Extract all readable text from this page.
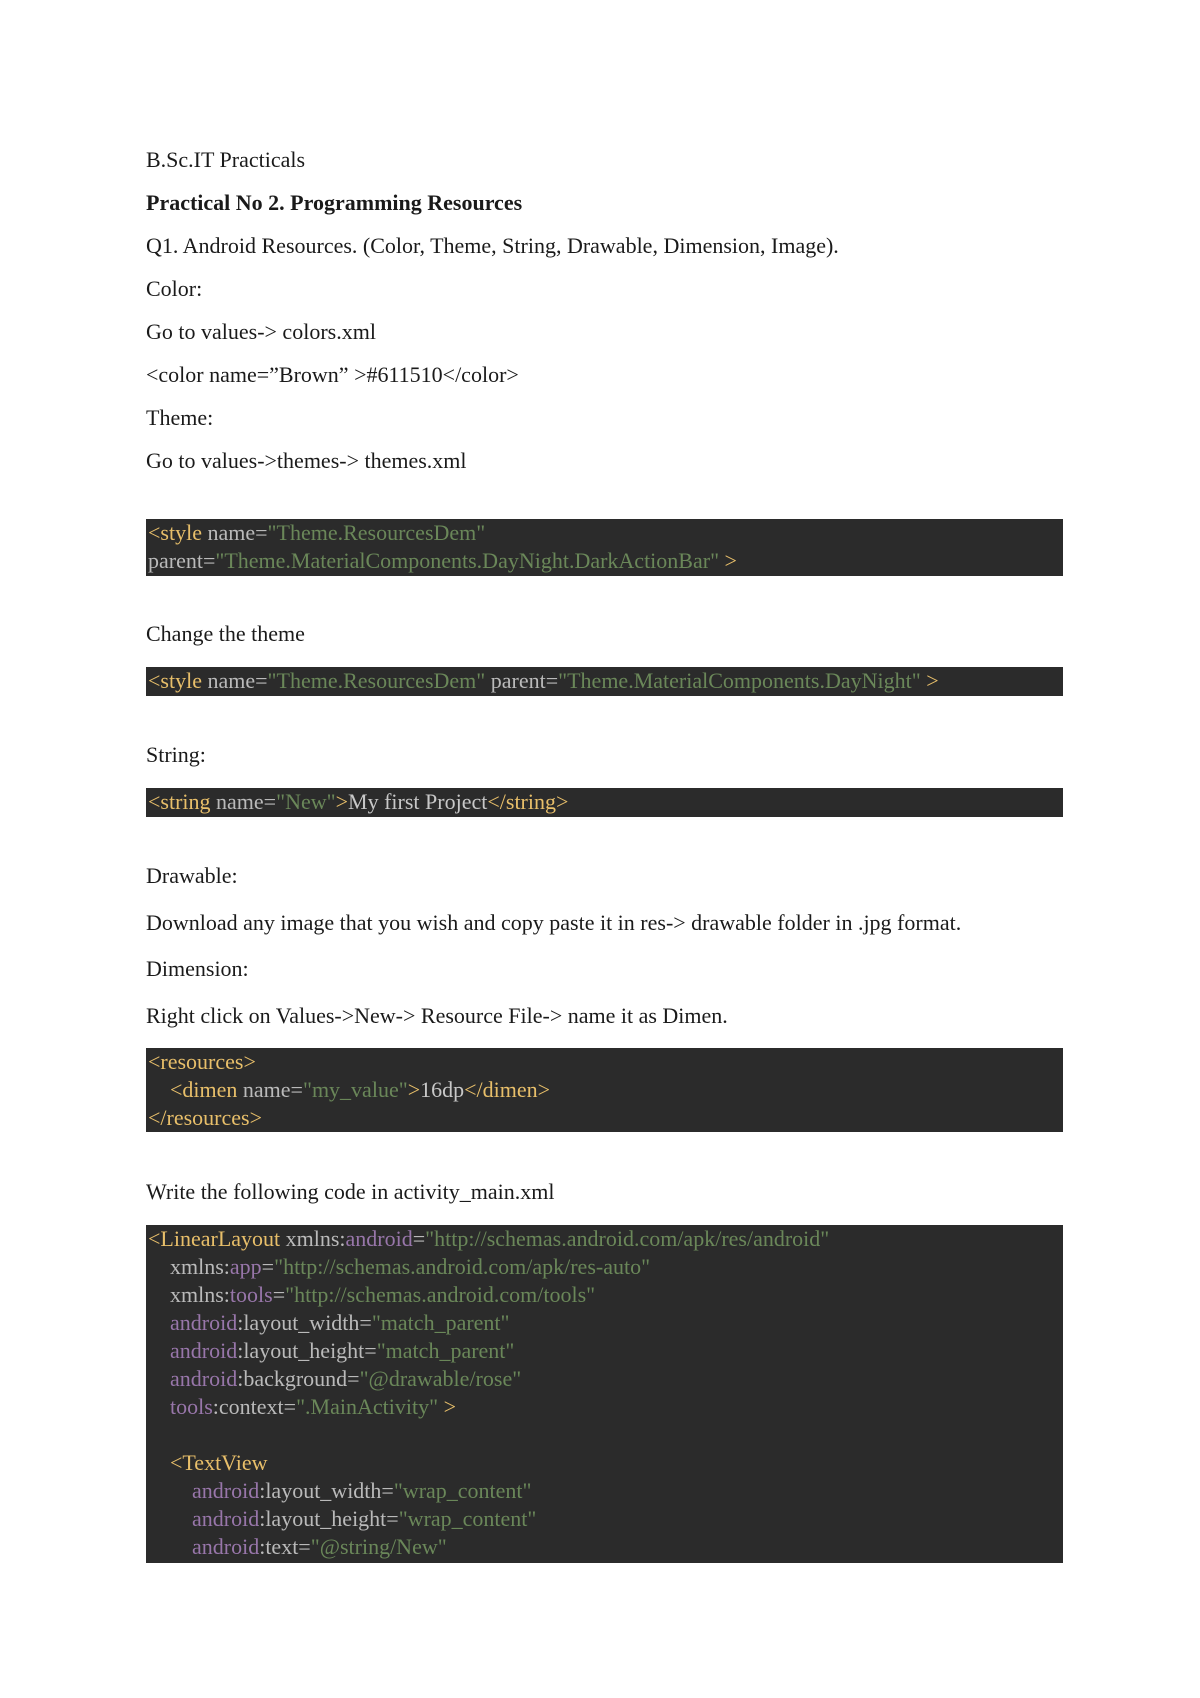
B.Sc.IT Practicals
Practical No 2. Programming Resources
Q1. Android Resources. (Color, Theme, String, Drawable, Dimension, Image).
Color:
Go to values-> colors.xml
<color name=”Brown” >#611510</color>
Theme:
Go to values->themes-> themes.xml
<style name="Theme.ResourcesDem"
parent="Theme.MaterialComponents.DayNight.DarkActionBar" >
Change the theme
<style name="Theme.ResourcesDem" parent="Theme.MaterialComponents.DayNight" >
String:
<string name="New">My first Project</string>
Drawable:
Download any image that you wish and copy paste it in res-> drawable folder in .jpg format.
Dimension:
Right click on Values->New-> Resource File-> name it as Dimen.
<resources>
<dimen name="my_value">16dp</dimen>
</resources>
Write the following code in activity_main.xml
<LinearLayout xmlns:android="http://schemas.android.com/apk/res/android"
xmlns:app="http://schemas.android.com/apk/res-auto"
xmlns:tools="http://schemas.android.com/tools"
android:layout_width="match_parent"
android:layout_height="match_parent"
android:background="@drawable/rose"
tools:context=".MainActivity" >
<TextView
android:layout_width="wrap_content"
android:layout_height="wrap_content"
android:text="@string/New"
